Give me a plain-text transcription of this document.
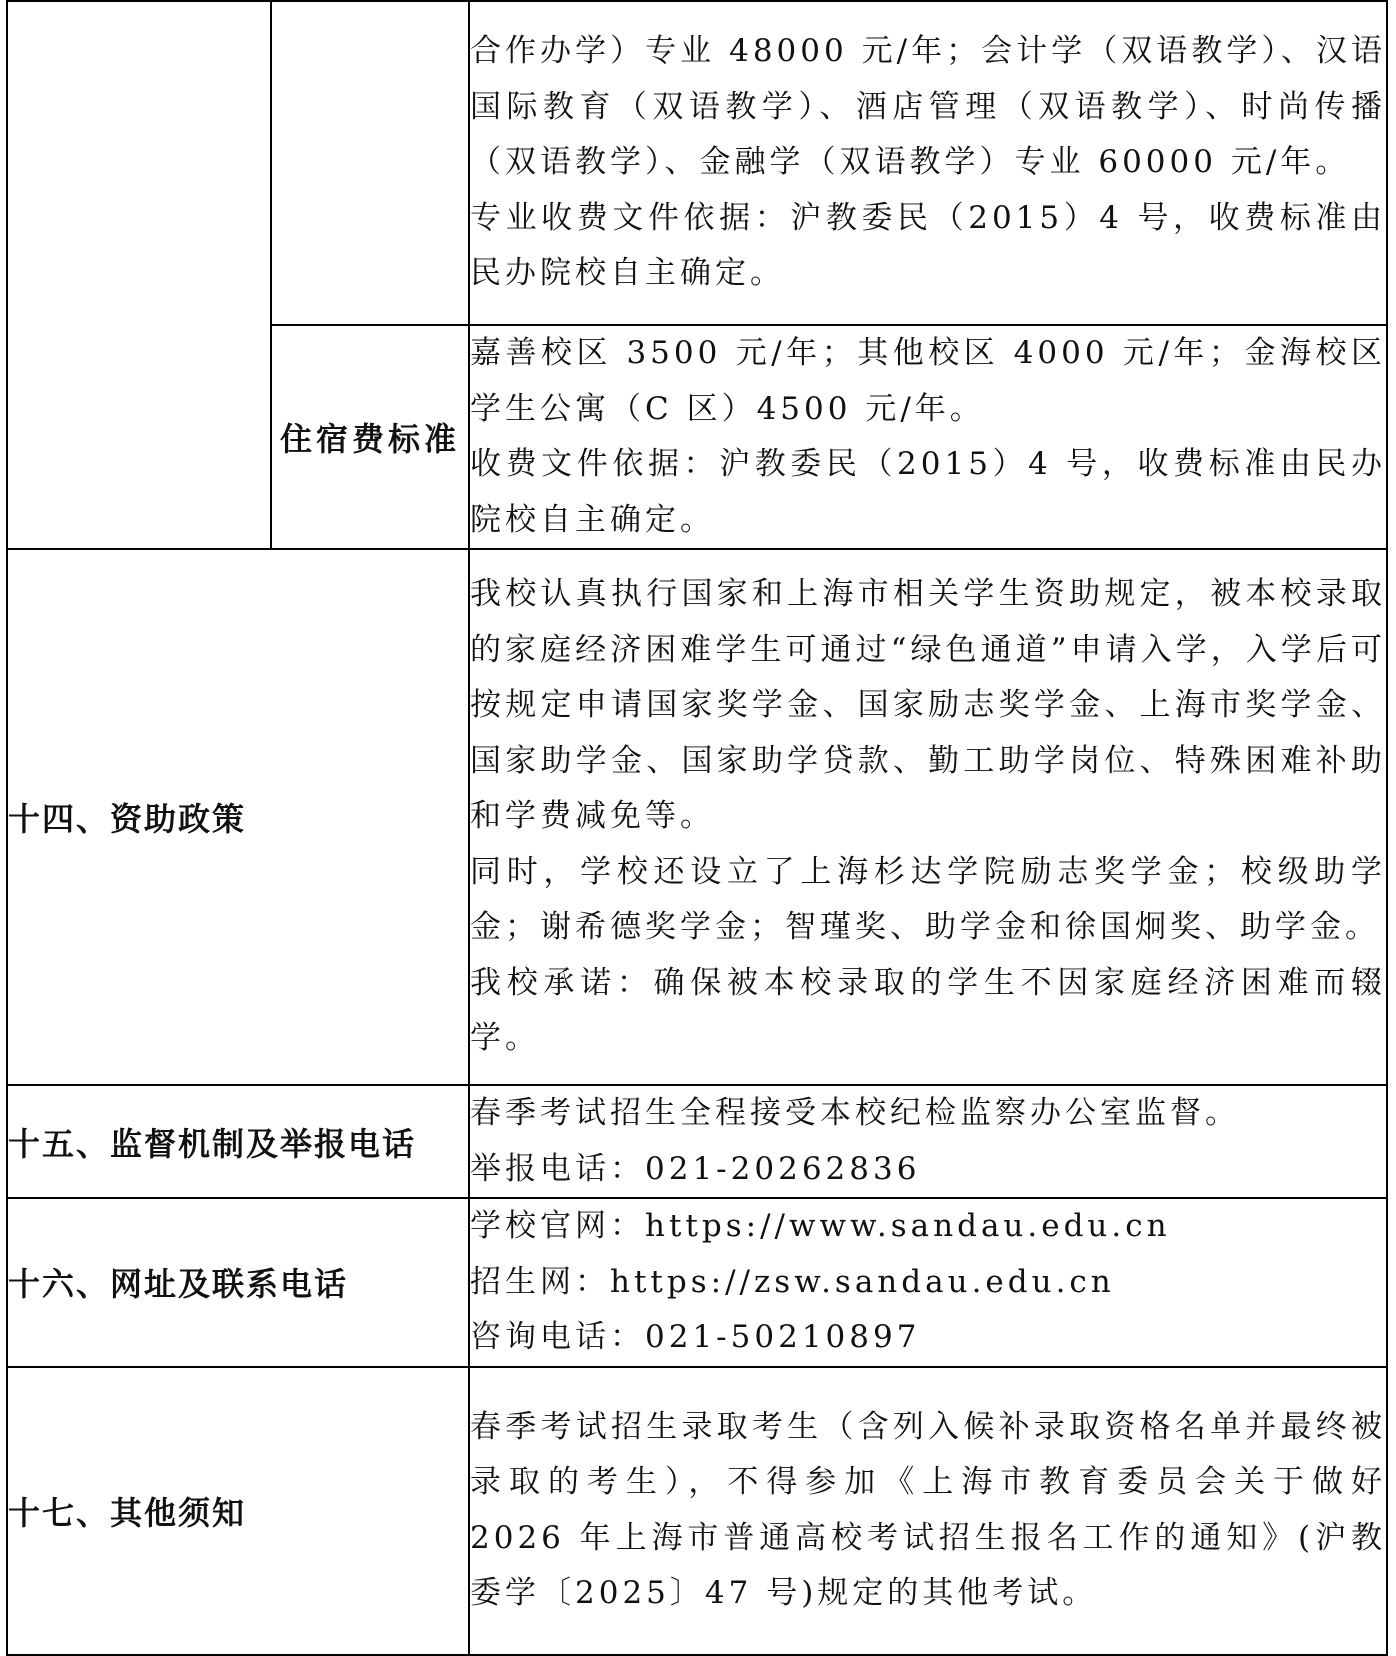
		合作办学）专业 48000 元/年；会计学（双语教学）、汉语国际教育（双语教学）、酒店管理（双语教学）、时尚传播（双语教学）、金融学（双语教学）专业 60000 元/年。

专业收费文件依据：沪教委民（2015）4 号，收费标准由民办院校自主确定。

	住宿费标准	嘉善校区 3500 元/年；其他校区 4000 元/年；金海校区学生公寓（C 区）4500 元/年。

收费文件依据：沪教委民（2015）4 号，收费标准由民办院校自主确定。

十四、资助政策		我校认真执行国家和上海市相关学生资助规定，被本校录取的家庭经济困难学生可通过“绿色通道”申请入学，入学后可按规定申请国家奖学金、国家励志奖学金、上海市奖学金、国家助学金、国家助学贷款、勤工助学岗位、特殊困难补助和学费减免等。

同时，学校还设立了上海杉达学院励志奖学金；校级助学金；谢希德奖学金；智瑾奖、助学金和徐国炯奖、助学金。

我校承诺：确保被本校录取的学生不因家庭经济困难而辍学。

十五、监督机制及举报电话		春季考试招生全程接受本校纪检监察办公室监督。

举报电话：021-20262836

十六、网址及联系电话		学校官网：https://www.sandau.edu.cn

招生网：https://zsw.sandau.edu.cn

咨询电话：021-50210897

十七、其他须知		春季考试招生录取考生（含列入候补录取资格名单并最终被录取的考生），不得参加《上海市教育委员会关于做好 2026 年上海市普通高校考试招生报名工作的通知》(沪教委学〔2025〕47 号)规定的其他考试。
